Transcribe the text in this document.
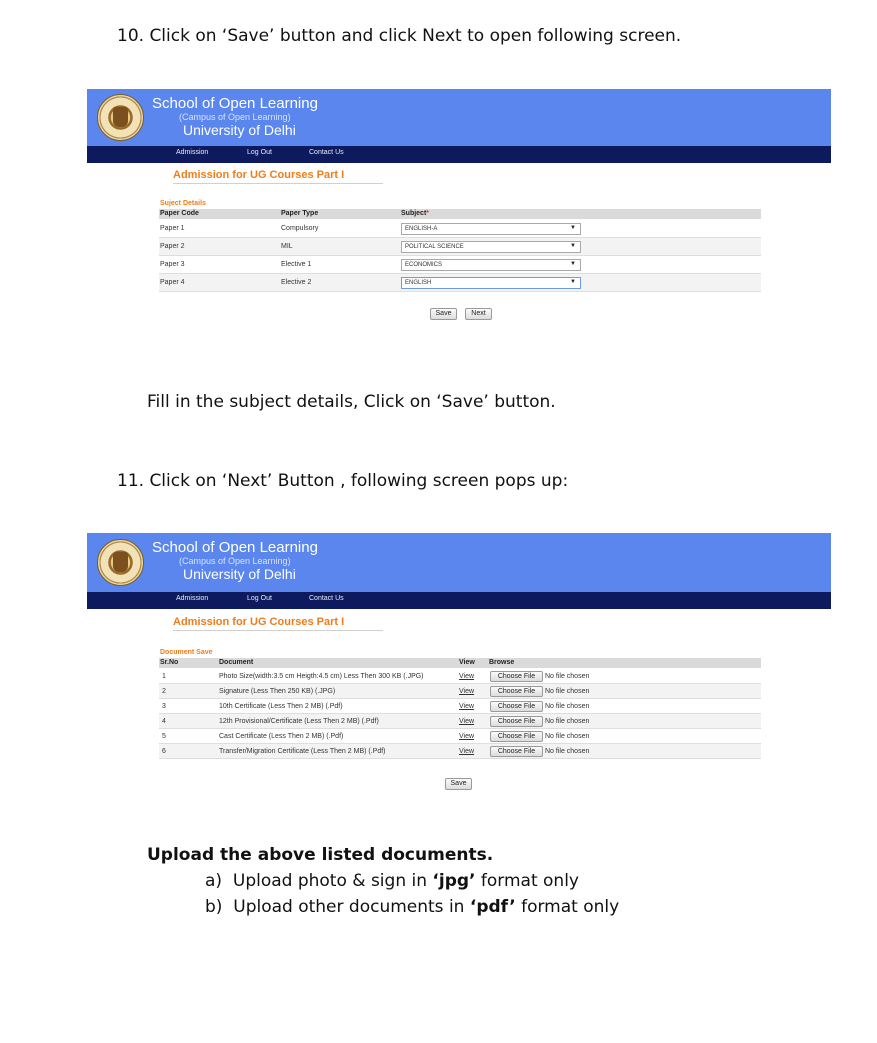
10. Click on ‘Save’ button and click Next to open following screen.
School of Open Learning
(Campus of Open Learning)
University of Delhi
Admission	Log Out	Contact Us
Admission for UG Courses Part I
Suject Details
Paper Code	Paper Type	Subject*
Paper 1	Compulsory	ENGLISH-A	▼
Paper 2	MIL	POLITICAL SCIENCE	▼
Paper 3	Elective 1	ECONOMICS	▼
Paper 4	Elective 2	ENGLISH	▼
Save	Next
Fill in the subject details, Click on ‘Save’ button.
11. Click on ‘Next’ Button , following screen pops up:
School of Open Learning
(Campus of Open Learning)
University of Delhi
Admission	Log Out	Contact Us
Admission for UG Courses Part I
Document Save
Sr.No	Document	View Browse
1	Photo Size(width:3.5 cm Heigth:4.5 cm) Less Then 300 KB (.JPG)	View	Choose File	No file chosen
2	Signature (Less Then 250 KB) (.JPG)	View	Choose File	No file chosen
3	10th Certificate (Less Then 2 MB) (.Pdf)	View	Choose File	No file chosen
4	12th Provisional/Certificate (Less Then 2 MB) (.Pdf)	View	Choose File	No file chosen
5	Cast Certificate (Less Then 2 MB) (.Pdf)	View	Choose File	No file chosen
6	Transfer/Migration Certificate (Less Then 2 MB) (.Pdf)	View	Choose File	No file chosen
Save
Upload the above listed documents.
a) Upload photo & sign in ‘jpg’ format only
b) Upload other documents in ‘pdf’ format only
